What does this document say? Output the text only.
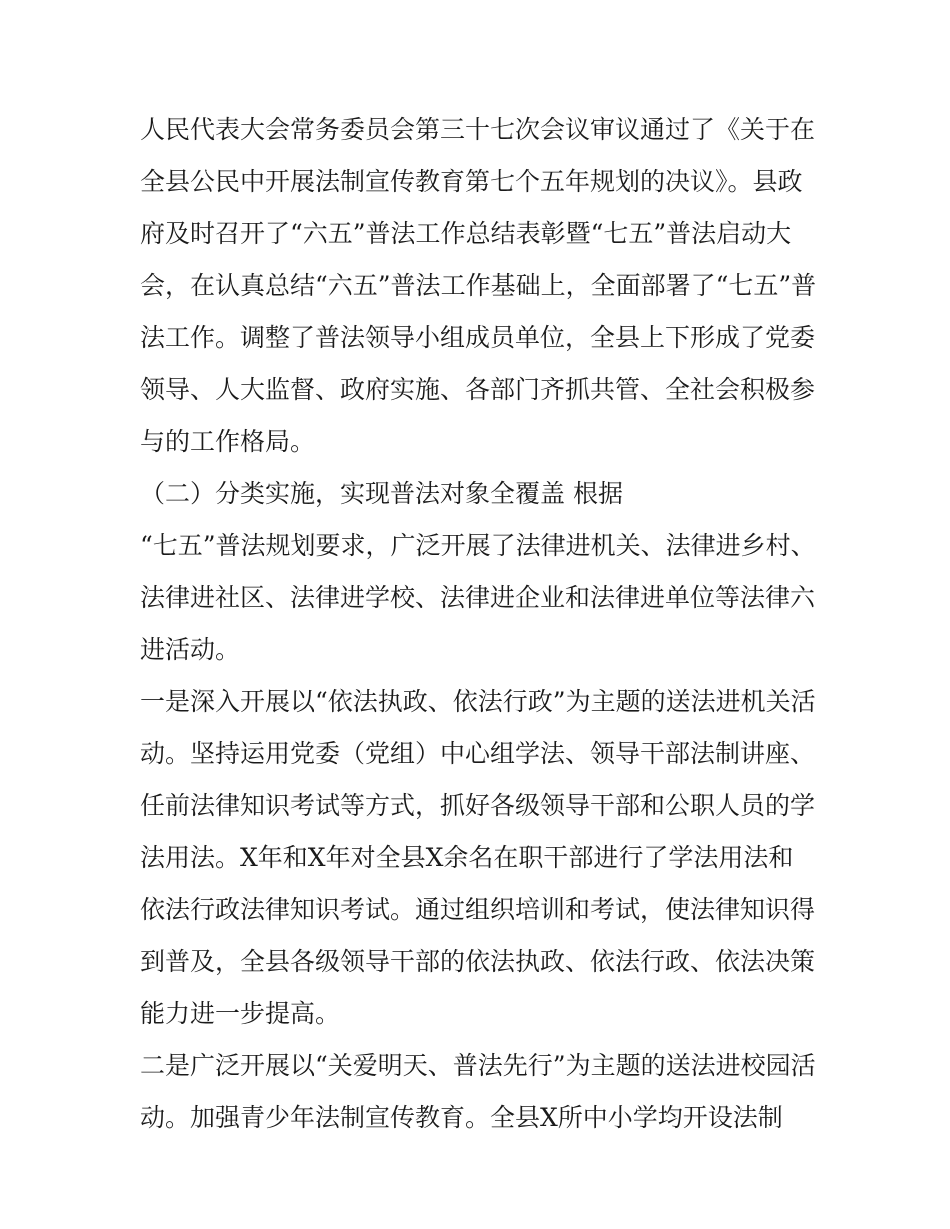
人民代表大会常务委员会第三十七次会议审议通过了《关于在
全县公民中开展法制宣传教育第七个五年规划的决议》。县政
府及时召开了“六五”普法工作总结表彰暨“七五”普法启动大
会，在认真总结“六五”普法工作基础上，全面部署了“七五”普
法工作。调整了普法领导小组成员单位，全县上下形成了党委
领导、人大监督、政府实施、各部门齐抓共管、全社会积极参
与的工作格局。
（二）分类实施，实现普法对象全覆盖 根据
“七五”普法规划要求，广泛开展了法律进机关、法律进乡村、
法律进社区、法律进学校、法律进企业和法律进单位等法律六
进活动。
一是深入开展以“依法执政、依法行政”为主题的送法进机关活
动。坚持运用党委（党组）中心组学法、领导干部法制讲座、
任前法律知识考试等方式，抓好各级领导干部和公职人员的学
法用法。X年和X年对全县X余名在职干部进行了学法用法和
依法行政法律知识考试。通过组织培训和考试，使法律知识得
到普及，全县各级领导干部的依法执政、依法行政、依法决策
能力进一步提高。
二是广泛开展以“关爱明天、普法先行”为主题的送法进校园活
动。加强青少年法制宣传教育。全县X所中小学均开设法制
